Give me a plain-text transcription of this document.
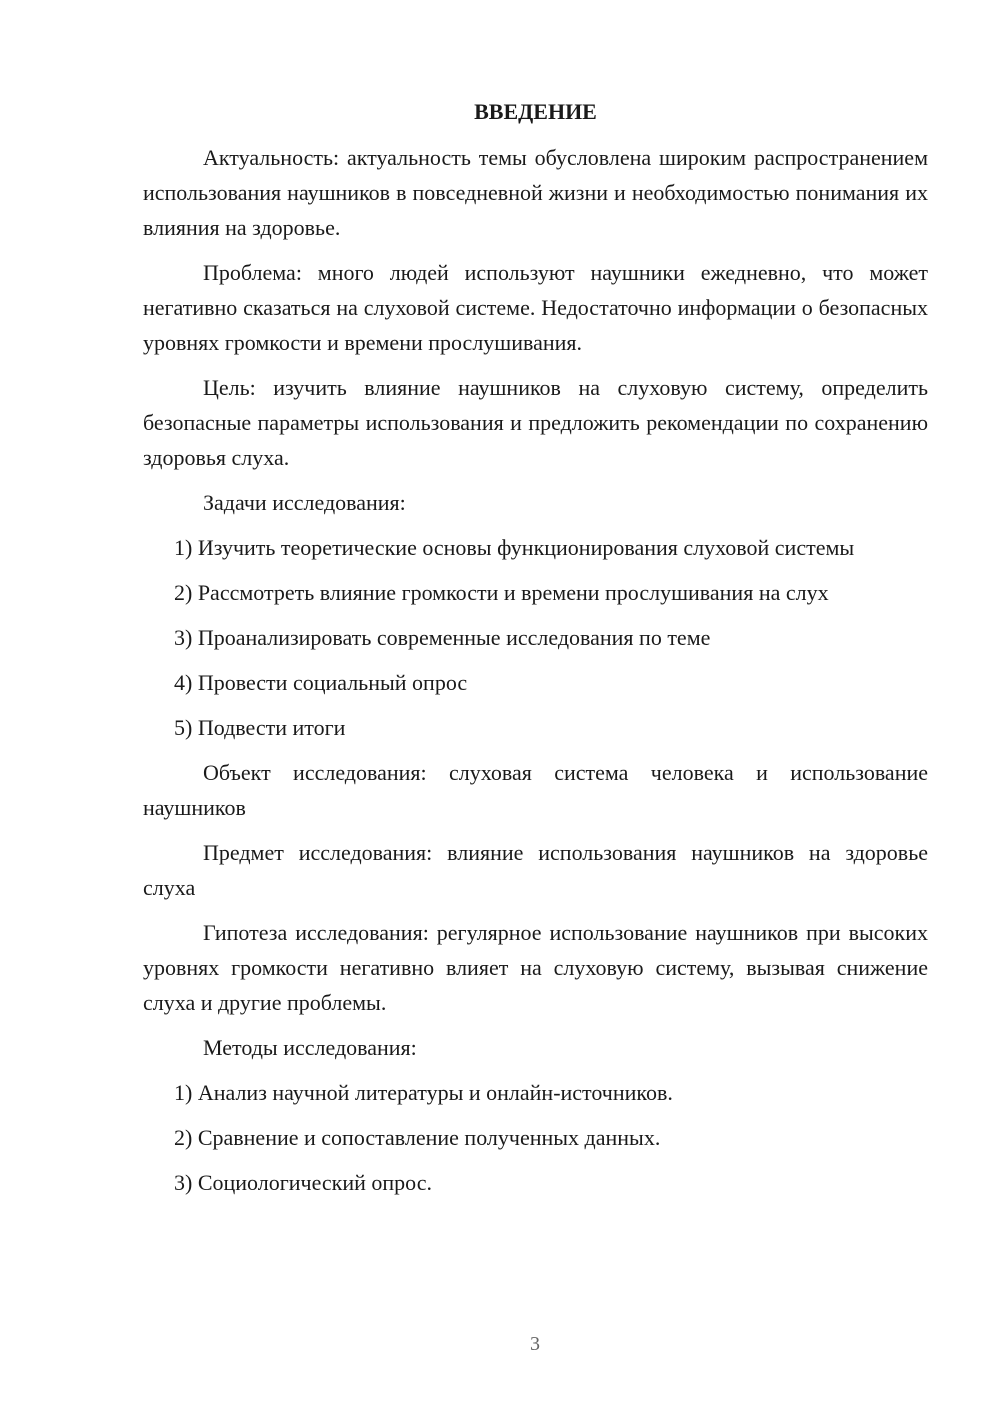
ВВЕДЕНИЕ

Актуальность: актуальность темы обусловлена широким распространением использования наушников в повседневной жизни и необходимостью понимания их влияния на здоровье.

Проблема: много людей используют наушники ежедневно, что может негативно сказаться на слуховой системе. Недостаточно информации о безопасных уровнях громкости и времени прослушивания.

Цель: изучить влияние наушников на слуховую систему, определить безопасные параметры использования и предложить рекомендации по сохранению здоровья слуха.

Задачи исследования:

1) Изучить теоретические основы функционирования слуховой системы

2) Рассмотреть влияние громкости и времени прослушивания на слух

3) Проанализировать современные исследования по теме

4) Провести социальный опрос

5) Подвести итоги

Объект исследования: слуховая система человека и использование наушников

Предмет исследования: влияние использования наушников на здоровье слуха

Гипотеза исследования: регулярное использование наушников при высоких уровнях громкости негативно влияет на слуховую систему, вызывая снижение слуха и другие проблемы.

Методы исследования:

1) Анализ научной литературы и онлайн-источников.

2) Сравнение и сопоставление полученных данных.

3) Социологический опрос.

3
